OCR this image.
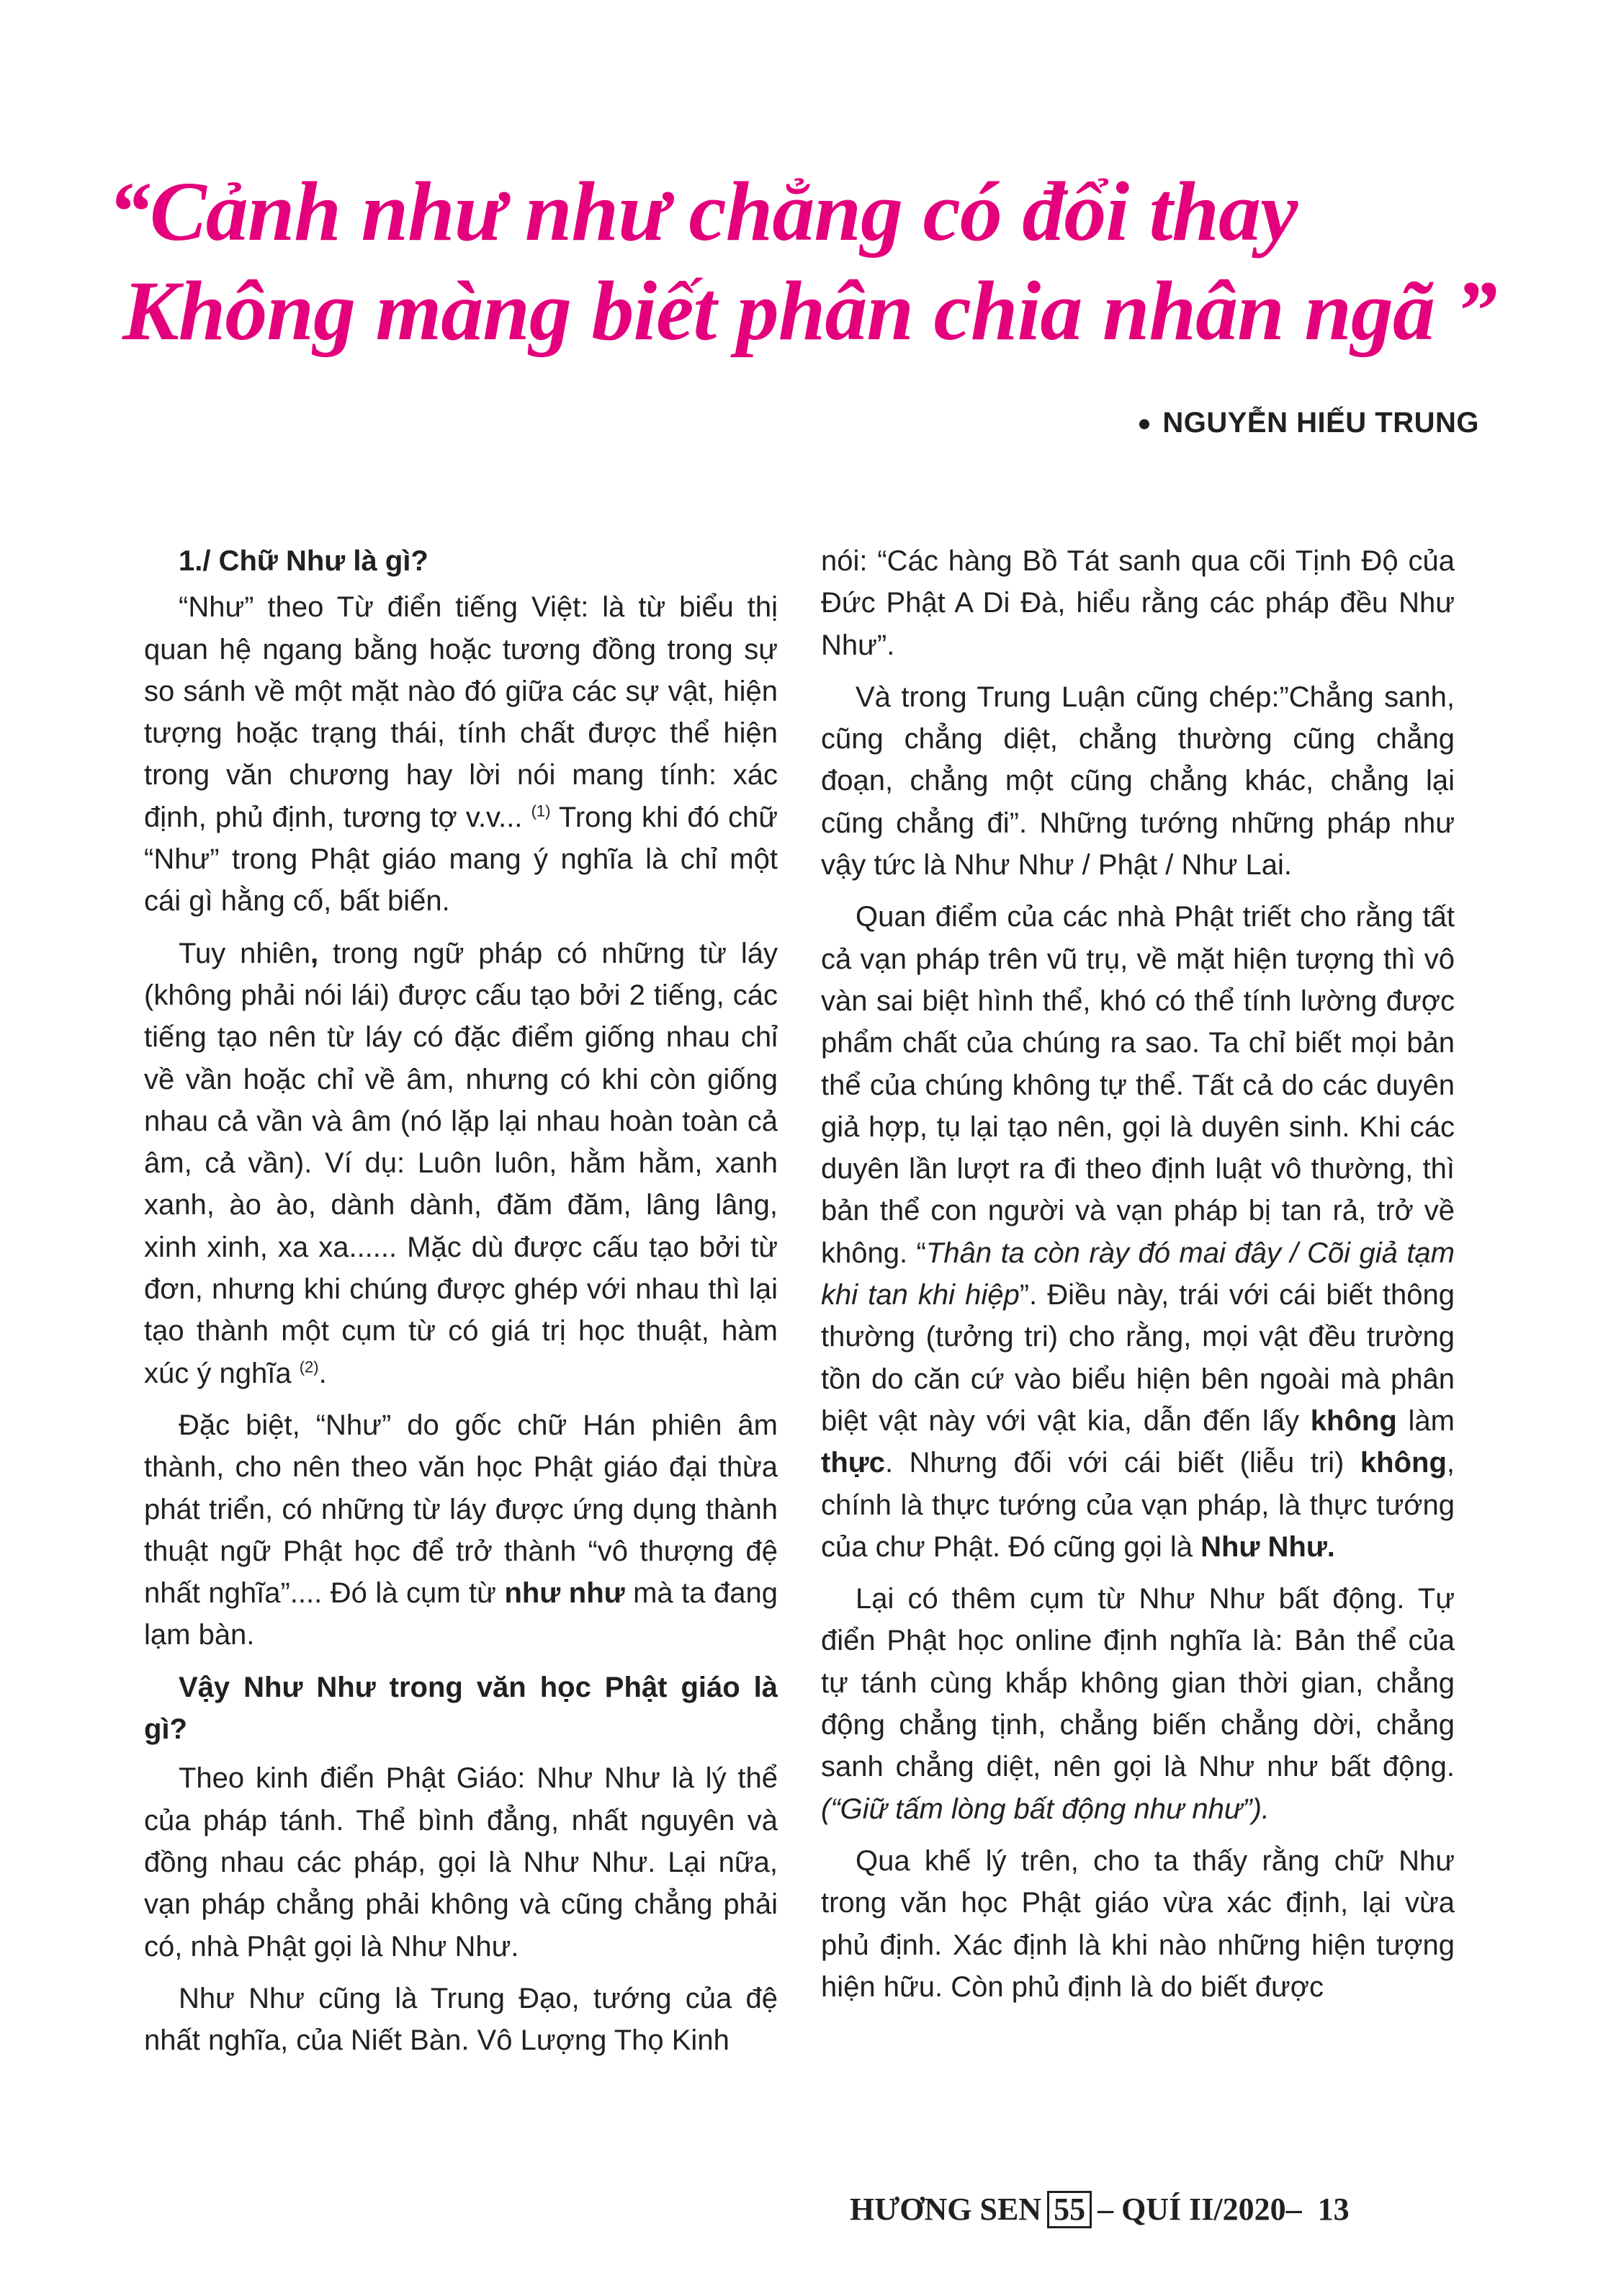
“Cảnh như như chẳng có đổi thay
Không màng biết phân chia nhân ngã ”
NGUYỄN HIẾU TRUNG
1./ Chữ Như là gì?

“Như” theo Từ điển tiếng Việt: là từ biểu thị quan hệ ngang bằng hoặc tương đồng trong sự so sánh về một mặt nào đó giữa các sự vật, hiện tượng hoặc trạng thái, tính chất được thể hiện trong văn chương hay lời nói mang tính: xác định, phủ định, tương tợ v.v... $^{(1)}$ Trong khi đó chữ “Như” trong Phật giáo mang ý nghĩa là chỉ một cái gì hằng cố, bất biến.

Tuy nhiên, trong ngữ pháp có những từ láy (không phải nói lái) được cấu tạo bởi 2 tiếng, các tiếng tạo nên từ láy có đặc điểm giống nhau chỉ về vần hoặc chỉ về âm, nhưng có khi còn giống nhau cả vần và âm (nó lặp lại nhau hoàn toàn cả âm, cả vần). Ví dụ: Luôn luôn, hằm hằm, xanh xanh, ào ào, dành dành, đăm đăm, lâng lâng, xinh xinh, xa xa...... Mặc dù được cấu tạo bởi từ đơn, nhưng khi chúng được ghép với nhau thì lại tạo thành một cụm từ có giá trị học thuật, hàm xúc ý nghĩa $^{(2)}$.

Đặc biệt, “Như” do gốc chữ Hán phiên âm thành, cho nên theo văn học Phật giáo đại thừa phát triển, có những từ láy được ứng dụng thành thuật ngữ Phật học để trở thành “vô thượng đệ nhất nghĩa”.... Đó là cụm từ như như mà ta đang lạm bàn.

Vậy Như Như trong văn học Phật giáo là gì?

Theo kinh điển Phật Giáo: Như Như là lý thể của pháp tánh. Thể bình đẳng, nhất nguyên và đồng nhau các pháp, gọi là Như Như. Lại nữa, vạn pháp chẳng phải không và cũng chẳng phải có, nhà Phật gọi là Như Như.

Như Như cũng là Trung Đạo, tướng của đệ nhất nghĩa, của Niết Bàn. Vô Lượng Thọ Kinh

nói: “Các hàng Bồ Tát sanh qua cõi Tịnh Độ của Đức Phật A Di Đà, hiểu rằng các pháp đều Như Như”.

Và trong Trung Luận cũng chép:”Chẳng sanh, cũng chẳng diệt, chẳng thường cũng chẳng đoạn, chẳng một cũng chẳng khác, chẳng lại cũng chẳng đi”. Những tướng những pháp như vậy tức là Như Như / Phật / Như Lai.

Quan điểm của các nhà Phật triết cho rằng tất cả vạn pháp trên vũ trụ, về mặt hiện tượng thì vô vàn sai biệt hình thể, khó có thể tính lường được phẩm chất của chúng ra sao. Ta chỉ biết mọi bản thể của chúng không tự thể. Tất cả do các duyên giả hợp, tụ lại tạo nên, gọi là duyên sinh. Khi các duyên lần lượt ra đi theo định luật vô thường, thì bản thể con người và vạn pháp bị tan rả, trở về không. “Thân ta còn rày đó mai đây / Cõi giả tạm khi tan khi hiệp”. Điều này, trái với cái biết thông thường (tưởng tri) cho rằng, mọi vật đều trường tồn do căn cứ vào biểu hiện bên ngoài mà phân biệt vật này với vật kia, dẫn đến lấy không làm thực. Nhưng đối với cái biết (liễu tri) không, chính là thực tướng của vạn pháp, là thực tướng của chư Phật. Đó cũng gọi là Như Như.

Lại có thêm cụm từ Như Như bất động. Tự điển Phật học online định nghĩa là: Bản thể của tự tánh cùng khắp không gian thời gian, chẳng động chẳng tịnh, chẳng biến chẳng dời, chẳng sanh chẳng diệt, nên gọi là Như như bất động. (“Giữ tấm lòng bất động như như”).

Qua khế lý trên, cho ta thấy rằng chữ Như trong văn học Phật giáo vừa xác định, lại vừa phủ định. Xác định là khi nào những hiện tượng hiện hữu. Còn phủ định là do biết được

HƯƠNG SEN 55 – QUÍ II/2020– 13
